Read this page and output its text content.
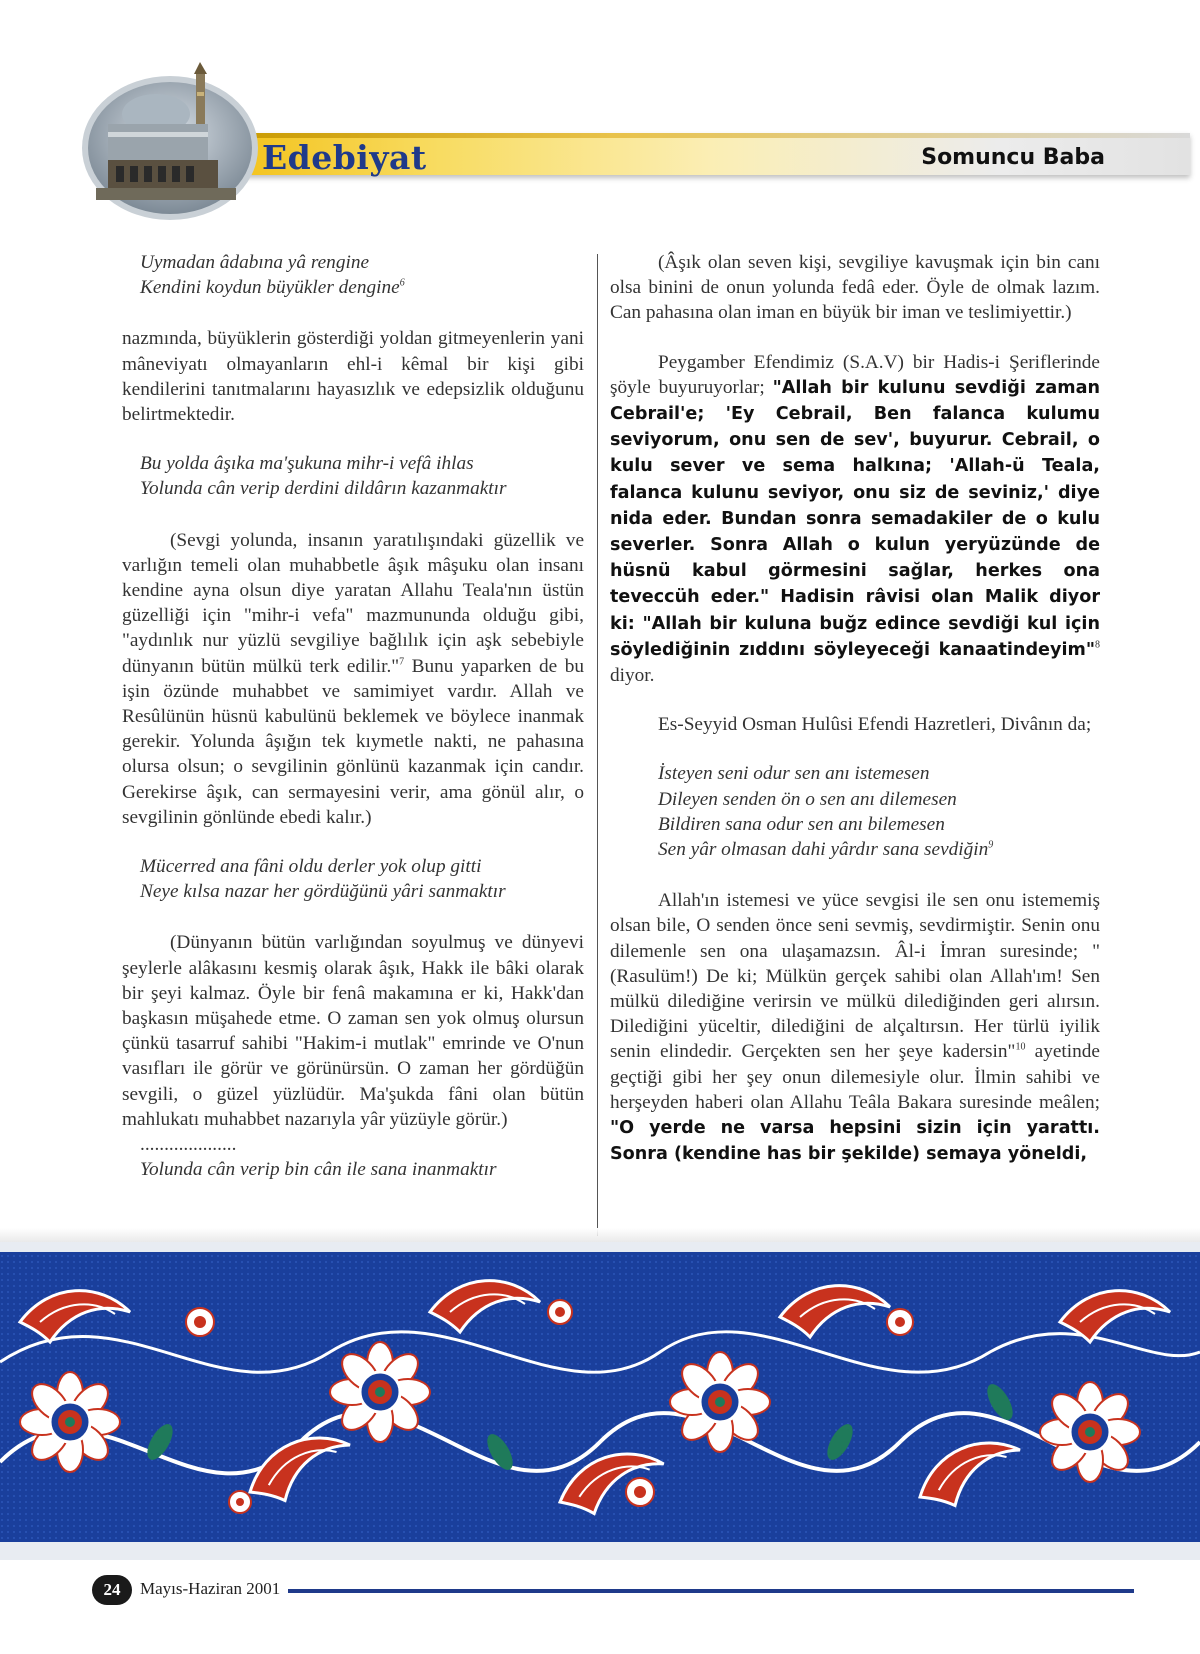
Edebiyat	Somuncu Baba
Uymadan âdabına yâ rengine
Kendini koydun büyükler dengine$^6$

nazmında, büyüklerin gösterdiği yoldan gitmeyenlerin yani mâneviyatı olmayanların ehl-i kêmal bir kişi gibi kendilerini tanıtmalarını hayasızlık ve edepsizlik olduğunu belirtmektedir.

Bu yolda âşıka ma'şukuna mihr-i vefâ ihlas
Yolunda cân verip derdini dildârın kazanmaktır

(Sevgi yolunda, insanın yaratılışındaki güzellik ve varlığın temeli olan muhabbetle âşık mâşuku olan insanı kendine ayna olsun diye yaratan Allahu Teala'nın üstün güzelliği için "mihr-i vefa" mazmununda olduğu gibi, "aydınlık nur yüzlü sevgiliye bağlılık için aşk sebebiyle dünyanın bütün mülkü terk edilir."$^7$ Bunu yaparken de bu işin özünde muhabbet ve samimiyet vardır. Allah ve Resûlünün hüsnü kabulünü beklemek ve böylece inanmak gerekir. Yolunda âşığın tek kıymetle nakti, ne pahasına olursa olsun; o sevgilinin gönlünü kazanmak için candır. Gerekirse âşık, can sermayesini verir, ama gönül alır, o sevgilinin gönlünde ebedi kalır.)

Mücerred ana fâni oldu derler yok olup gitti
Neye kılsa nazar her gördüğünü yâri sanmaktır

(Dünyanın bütün varlığından soyulmuş ve dünyevi şeylerle alâkasını kesmiş olarak âşık, Hakk ile bâki olarak bir şeyi kalmaz. Öyle bir fenâ makamına er ki, Hakk'dan başkasın müşahede etme. O zaman sen yok olmuş olursun çünkü tasarruf sahibi "Hakim-i mutlak" emrinde ve O'nun vasıfları ile görür ve görünürsün. O zaman her gördüğün sevgili, o güzel yüzlüdür. Ma'şukda fâni olan bütün mahlukatı muhabbet nazarıyla yâr yüzüyle görür.)

....................
Yolunda cân verip bin cân ile sana inanmaktır

(Âşık olan seven kişi, sevgiliye kavuşmak için bin canı olsa binini de onun yolunda fedâ eder. Öyle de olmak lazım. Can pahasına olan iman en büyük bir iman ve teslimiyettir.)

Peygamber Efendimiz (S.A.V) bir Hadis-i Şeriflerinde şöyle buyuruyorlar; "Allah bir kulunu sevdiği zaman Cebrail'e; 'Ey Cebrail, Ben falanca kulumu seviyorum, onu sen de sev', buyurur. Cebrail, o kulu sever ve sema halkına; 'Allah-ü Teala, falanca kulunu seviyor, onu siz de seviniz,' diye nida eder. Bundan sonra semadakiler de o kulu severler. Sonra Allah o kulun yeryüzünde de hüsnü kabul görmesini sağlar, herkes ona teveccüh eder." Hadisin râvisi olan Malik diyor ki: "Allah bir kuluna buğz edince sevdiği kul için söylediğinin zıddını söyleyeceği kanaatindeyim"$^8$ diyor.

Es-Seyyid Osman Hulûsi Efendi Hazretleri, Divânın da;

İsteyen seni odur sen anı istemesen
Dileyen senden ön o sen anı dilemesen
Bildiren sana odur sen anı bilemesen
Sen yâr olmasan dahi yârdır sana sevdiğin$^9$

Allah'ın istemesi ve yüce sevgisi ile sen onu istememiş olsan bile, O senden önce seni sevmiş, sevdirmiştir. Senin onu dilemenle sen ona ulaşamazsın. Âl-i İmran suresinde; "(Rasulüm!) De ki; Mülkün gerçek sahibi olan Allah'ım! Sen mülkü dilediğine verirsin ve mülkü dilediğinden geri alırsın. Dilediğini yüceltir, dilediğini de alçaltırsın. Her türlü iyilik senin elindedir. Gerçekten sen her şeye kadersin"$^{10}$ ayetinde geçtiği gibi her şey onun dilemesiyle olur. İlmin sahibi ve herşeyden haberi olan Allahu Teâla Bakara suresinde meâlen; "O yerde ne varsa hepsini sizin için yarattı. Sonra (kendine has bir şekilde) semaya yöneldi,

24	Mayıs-Haziran 2001
